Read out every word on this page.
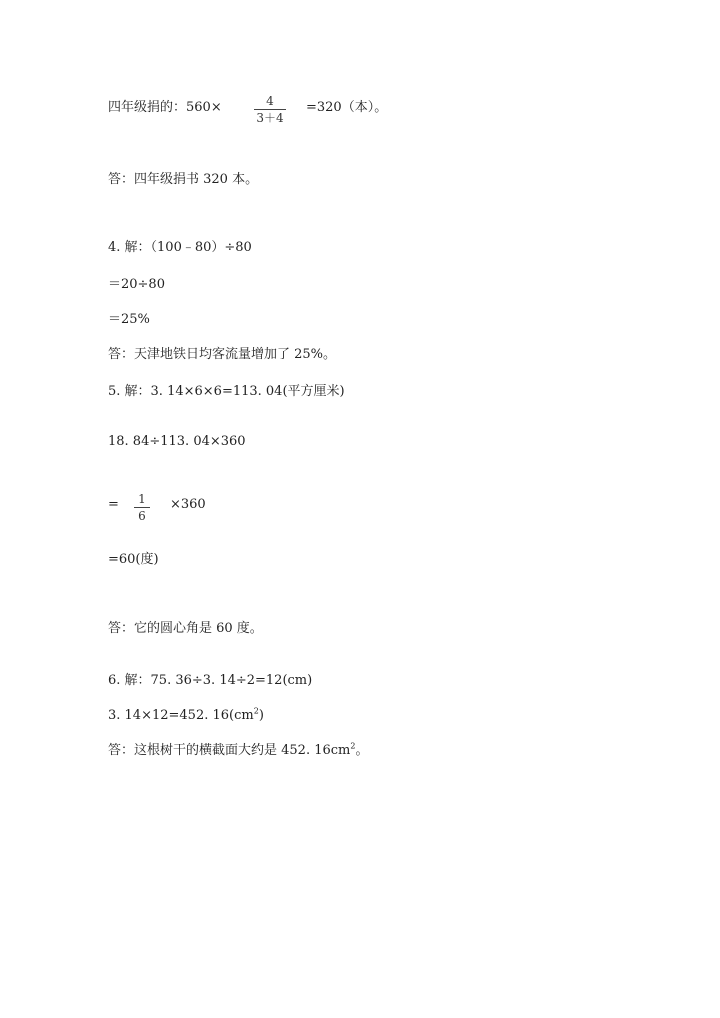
四年级捐的：560×	4
3＋4
=320（本）。
答：四年级捐书 320 本。
4. 解：（100﹣80）÷80
＝20÷80
＝25%
答：天津地铁日均客流量增加了 25%。
5. 解：3. 14×6×6=113. 04(平方厘米)
18. 84÷113. 04×360
=	1
6
×360
=60(度)
答：它的圆心角是 60 度。
6. 解：75. 36÷3. 14÷2=12(cm)
3. 14×12=452. $16(cm^2)$
答：这根树干的横截面大约是 452. $16cm^2$。
